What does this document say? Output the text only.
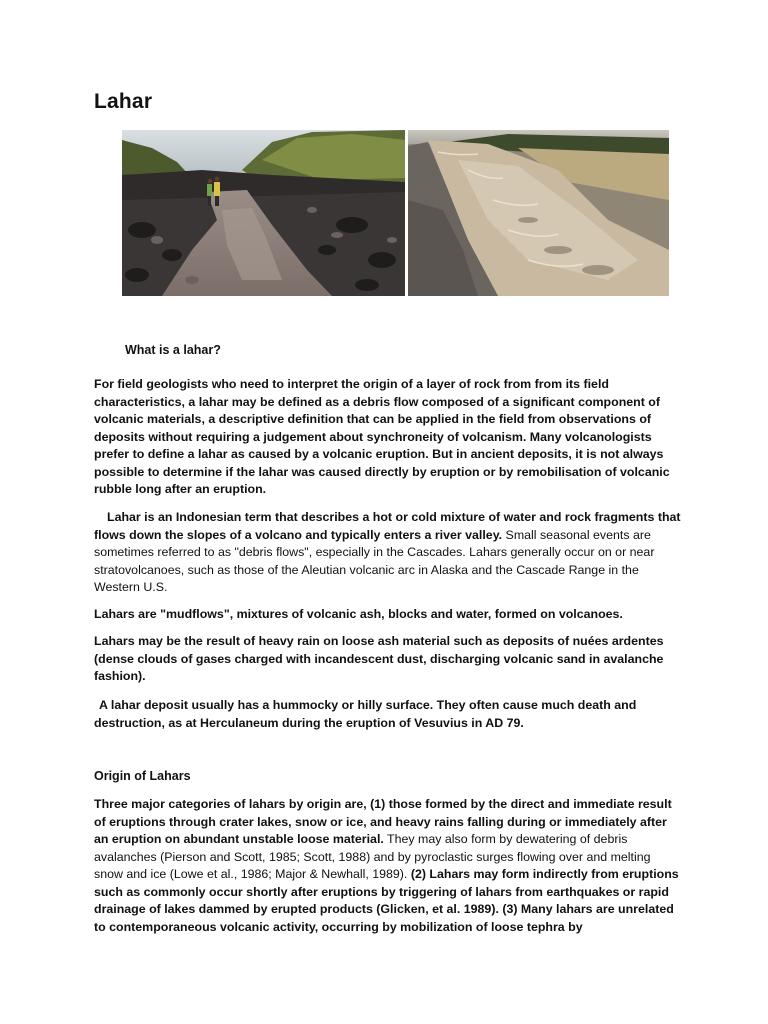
Lahar
What is a lahar?

For field geologists who need to interpret the origin of a layer of rock from from its field characteristics, a lahar may be defined as a debris flow composed of a significant component of volcanic materials, a descriptive definition that can be applied in the field from observations of deposits without requiring a judgement about synchroneity of volcanism. Many volcanologists prefer to define a lahar as caused by a volcanic eruption. But in ancient deposits, it is not always possible to determine if the lahar was caused directly by eruption or by remobilisation of volcanic rubble long after an eruption.

Lahar is an Indonesian term that describes a hot or cold mixture of water and rock fragments that flows down the slopes of a volcano and typically enters a river valley. Small seasonal events are sometimes referred to as "debris flows", especially in the Cascades. Lahars generally occur on or near stratovolcanoes, such as those of the Aleutian volcanic arc in Alaska and the Cascade Range in the Western U.S.

Lahars are "mudflows", mixtures of volcanic ash, blocks and water, formed on volcanoes.

Lahars may be the result of heavy rain on loose ash material such as deposits of nuées ardentes (dense clouds of gases charged with incandescent dust, discharging volcanic sand in avalanche fashion).

A lahar deposit usually has a hummocky or hilly surface. They often cause much death and destruction, as at Herculaneum during the eruption of Vesuvius in AD 79.

Origin of Lahars

Three major categories of lahars by origin are, (1) those formed by the direct and immediate result of eruptions through crater lakes, snow or ice, and heavy rains falling during or immediately after an eruption on abundant unstable loose material. They may also form by dewatering of debris avalanches (Pierson and Scott, 1985; Scott, 1988) and by pyroclastic surges flowing over and melting snow and ice (Lowe et al., 1986; Major & Newhall, 1989). (2) Lahars may form indirectly from eruptions such as commonly occur shortly after eruptions by triggering of lahars from earthquakes or rapid drainage of lakes dammed by erupted products (Glicken, et al. 1989). (3) Many lahars are unrelated to contemporaneous volcanic activity, occurring by mobilization of loose tephra by
